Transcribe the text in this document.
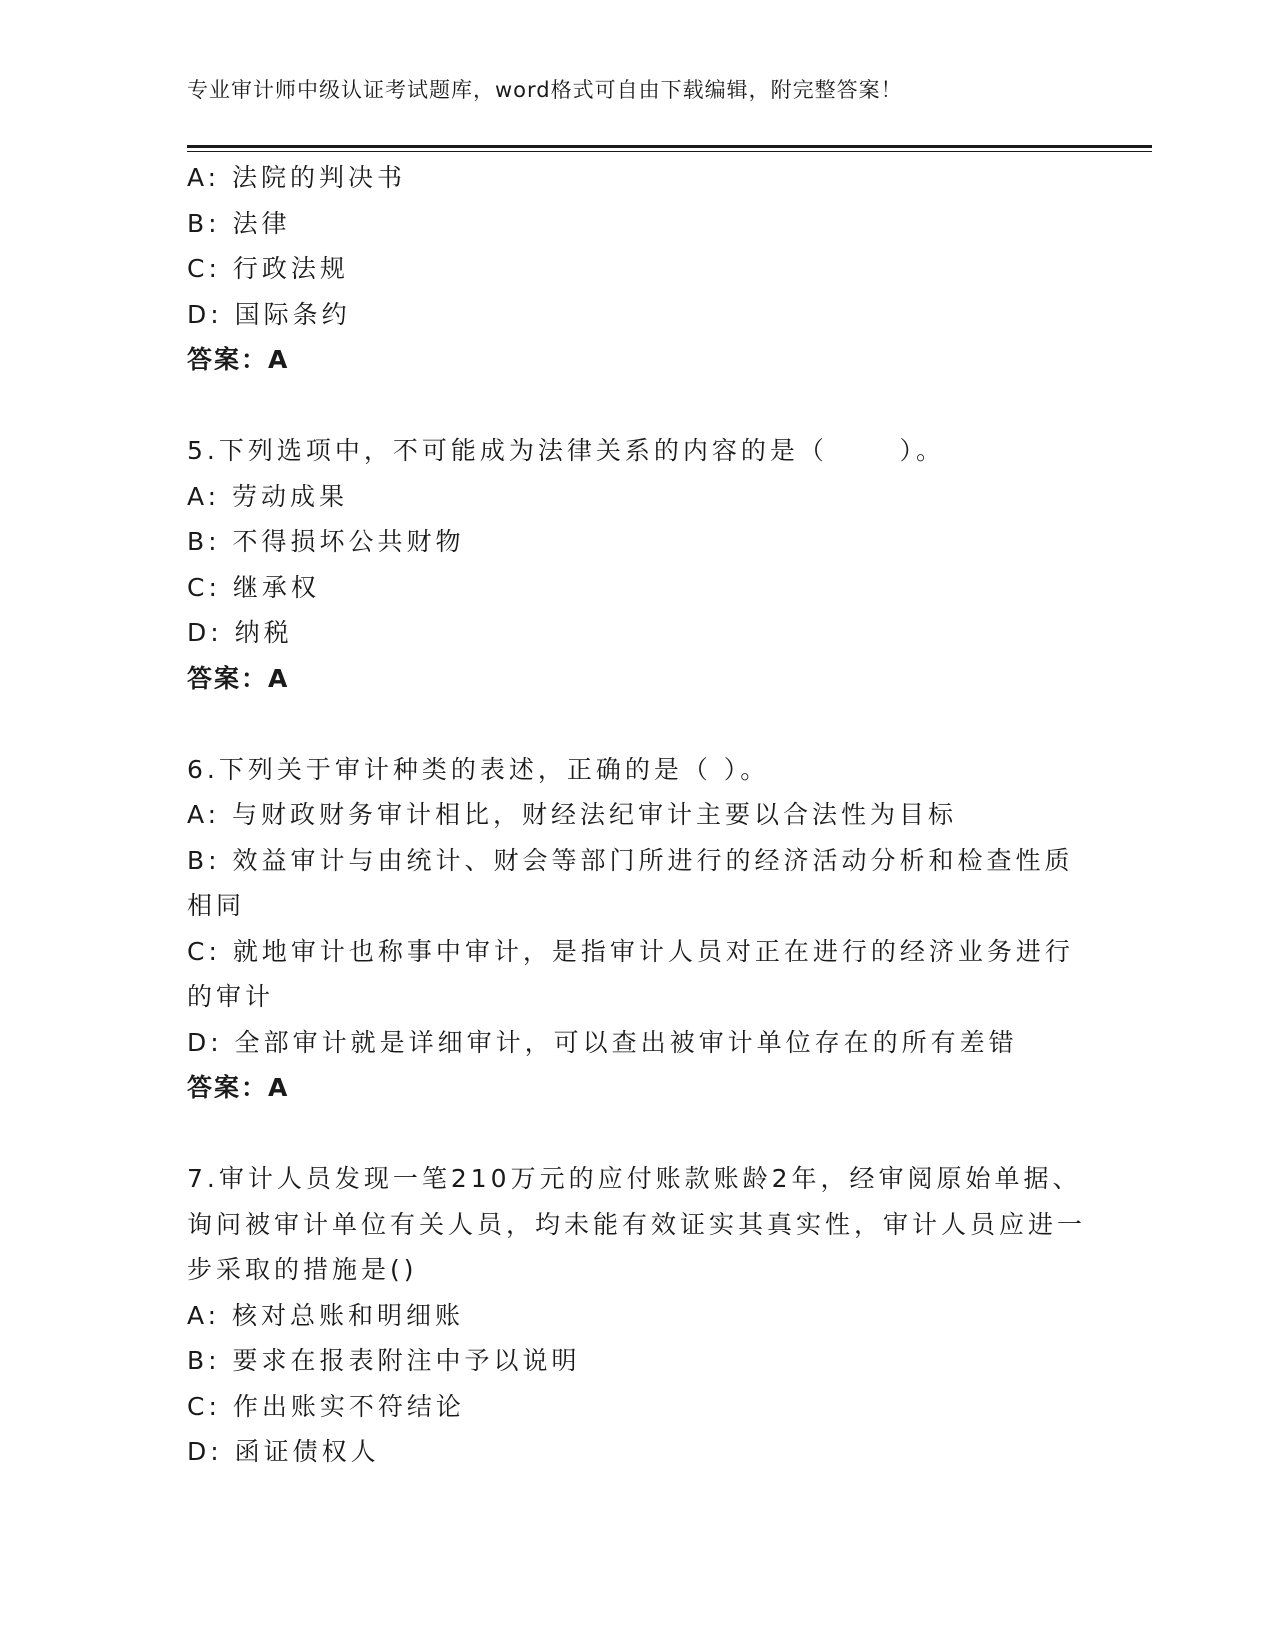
专业审计师中级认证考试题库，word格式可自由下载编辑，附完整答案！
A: 法院的判决书
B: 法律
C: 行政法规
D: 国际条约
答案：A
5.下列选项中，不可能成为法律关系的内容的是（      ）。
A: 劳动成果
B: 不得损坏公共财物
C: 继承权
D: 纳税
答案：A
6.下列关于审计种类的表述，正确的是（ ）。
A: 与财政财务审计相比，财经法纪审计主要以合法性为目标
B: 效益审计与由统计、财会等部门所进行的经济活动分析和检查性质相同
C: 就地审计也称事中审计，是指审计人员对正在进行的经济业务进行的审计
D: 全部审计就是详细审计，可以查出被审计单位存在的所有差错
答案：A
7.审计人员发现一笔210万元的应付账款账龄2年，经审阅原始单据、询问被审计单位有关人员，均未能有效证实其真实性，审计人员应进一步采取的措施是()
A: 核对总账和明细账
B: 要求在报表附注中予以说明
C: 作出账实不符结论
D: 函证债权人
